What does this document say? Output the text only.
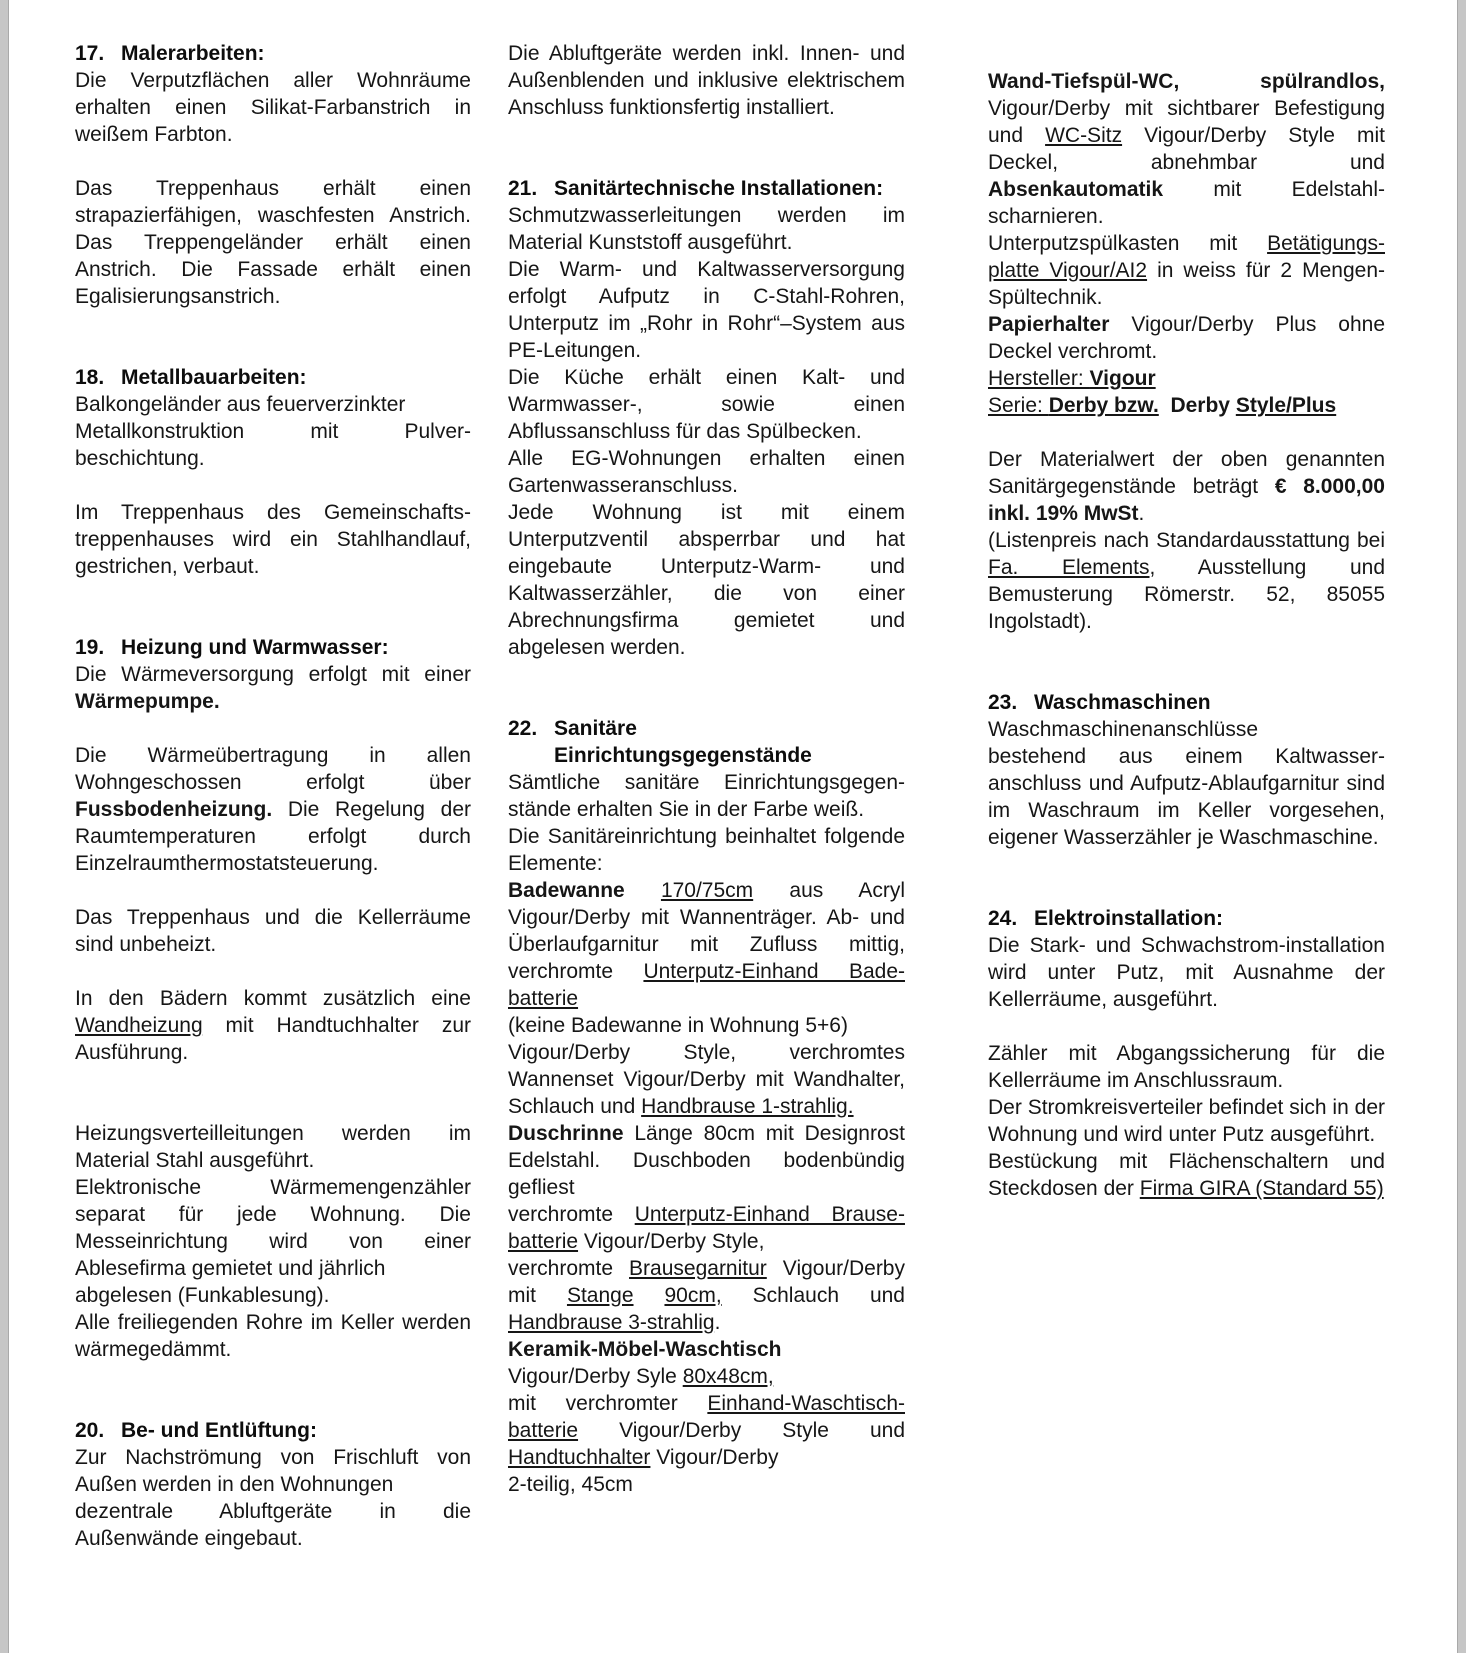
17. Malerarbeiten:

Die Verputzflächen aller Wohnräume erhalten einen Silikat-Farbanstrich in weißem Farbton.

Das Treppenhaus erhält einen strapazierfähigen, waschfesten Anstrich. Das Treppengeländer erhält einen Anstrich. Die Fassade erhält einen Egalisierungsanstrich.

18. Metallbauarbeiten:

Balkongeländer aus feuerverzinkter
Metallkonstruktion mit Pulver-beschichtung.

Im Treppenhaus des Gemeinschafts-treppenhauses wird ein Stahlhandlauf, gestrichen, verbaut.

19. Heizung und Warmwasser:

Die Wärmeversorgung erfolgt mit einer Wärmepumpe.

Die Wärmeübertragung in allen Wohngeschossen erfolgt über Fussbodenheizung. Die Regelung der Raumtemperaturen erfolgt durch Einzelraumthermostatsteuerung.

Das Treppenhaus und die Kellerräume sind unbeheizt.

In den Bädern kommt zusätzlich eine Wandheizung mit Handtuchhalter zur Ausführung.

Heizungsverteilleitungen werden im Material Stahl ausgeführt.
Elektronische Wärmemengenzähler separat für jede Wohnung. Die Messeinrichtung wird von einer Ablesefirma gemietet und jährlich
abgelesen (Funkablesung).
Alle freiliegenden Rohre im Keller werden wärmegedämmt.

20. Be- und Entlüftung:

Zur Nachströmung von Frischluft von Außen werden in den Wohnungen
dezentrale Abluftgeräte in die Außenwände eingebaut.

Die Abluftgeräte werden inkl. Innen- und Außenblenden und inklusive elektrischem Anschluss funktionsfertig installiert.

21. Sanitärtechnische Installationen:

Schmutzwasserleitungen werden im Material Kunststoff ausgeführt.
Die Warm- und Kaltwasserversorgung erfolgt Aufputz in C-Stahl-Rohren, Unterputz im „Rohr in Rohr“–System aus PE-Leitungen.
Die Küche erhält einen Kalt- und Warmwasser-, sowie einen Abflussanschluss für das Spülbecken.
Alle EG-Wohnungen erhalten einen Gartenwasseranschluss.
Jede Wohnung ist mit einem Unterputzventil absperrbar und hat eingebaute Unterputz-Warm- und Kaltwasserzähler, die von einer Abrechnungsfirma gemietet und abgelesen werden.

22. Sanitäre
Einrichtungsgegenstände

Sämtliche sanitäre Einrichtungsgegen-stände erhalten Sie in der Farbe weiß.
Die Sanitäreinrichtung beinhaltet folgende Elemente:
Badewanne 170/75cm aus Acryl Vigour/Derby mit Wannenträger. Ab- und Überlaufgarnitur mit Zufluss mittig, verchromte Unterputz-Einhand Bade-batterie
(keine Badewanne in Wohnung 5+6)
Vigour/Derby Style, verchromtes Wannenset Vigour/Derby mit Wandhalter, Schlauch und Handbrause 1-strahlig.
Duschrinne Länge 80cm mit Designrost Edelstahl. Duschboden bodenbündig gefliest
verchromte Unterputz-Einhand Brause-batterie Vigour/Derby Style,
verchromte Brausegarnitur Vigour/Derby mit Stange 90cm, Schlauch und Handbrause 3-strahlig.
Keramik-Möbel-Waschtisch
Vigour/Derby Syle 80x48cm,
mit verchromter Einhand-Waschtisch-batterie Vigour/Derby Style und Handtuchhalter Vigour/Derby
2-teilig, 45cm

Wand-Tiefspül-WC, spülrandlos, Vigour/Derby mit sichtbarer Befestigung und WC-Sitz Vigour/Derby Style mit Deckel, abnehmbar und Absenkautomatik mit Edelstahl-scharnieren.
Unterputzspülkasten mit Betätigungs-platte Vigour/AI2 in weiss für 2 Mengen-Spültechnik.
Papierhalter Vigour/Derby Plus ohne Deckel verchromt.
Hersteller: Vigour
Serie: Derby bzw. Derby Style/Plus

Der Materialwert der oben genannten Sanitärgegenstände beträgt € 8.000,00 inkl. 19% MwSt.
(Listenpreis nach Standardausstattung bei Fa. Elements, Ausstellung und Bemusterung Römerstr. 52, 85055 Ingolstadt).

23. Waschmaschinen

Waschmaschinenanschlüsse
bestehend aus einem Kaltwasser-anschluss und Aufputz-Ablaufgarnitur sind im Waschraum im Keller vorgesehen, eigener Wasserzähler je Waschmaschine.

24. Elektroinstallation:

Die Stark- und Schwachstrom-installation wird unter Putz, mit Ausnahme der Kellerräume, ausgeführt.

Zähler mit Abgangssicherung für die Kellerräume im Anschlussraum.
Der Stromkreisverteiler befindet sich in der Wohnung und wird unter Putz ausgeführt.
Bestückung mit Flächenschaltern und Steckdosen der Firma GIRA (Standard 55)
